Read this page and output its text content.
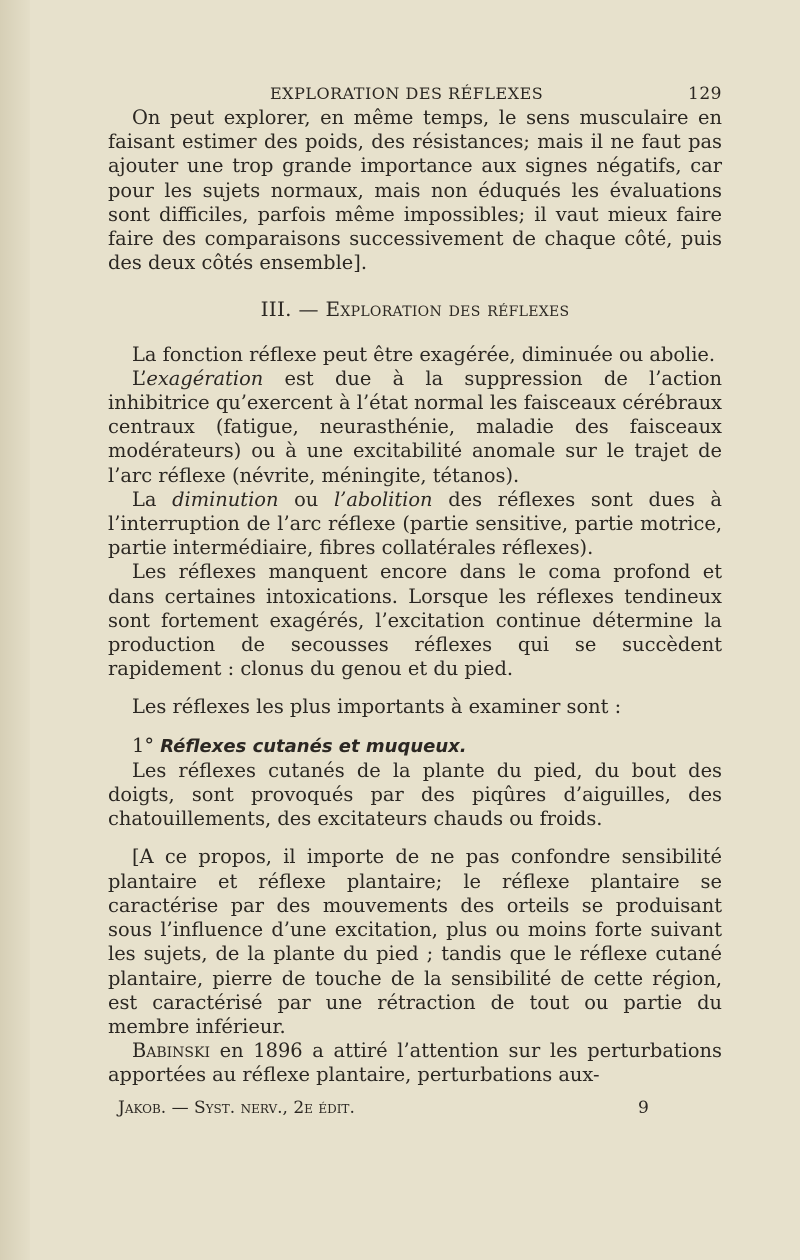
EXPLORATION DES RÉFLEXES	129

On peut explorer, en même temps, le sens musculaire en faisant estimer des poids, des résistances; mais il ne faut pas ajouter une trop grande importance aux signes négatifs, car pour les sujets normaux, mais non éduqués les évaluations sont difficiles, parfois même impossibles; il vaut mieux faire faire des comparaisons successivement de chaque côté, puis des deux côtés ensemble].

III. — Exploration des réflexes

La fonction réflexe peut être exagérée, diminuée ou abolie.

L’exagération est due à la suppression de l’action inhibitrice qu’exercent à l’état normal les faisceaux cérébraux centraux (fatigue, neurasthénie, maladie des faisceaux modérateurs) ou à une excitabilité anomale sur le trajet de l’arc réflexe (névrite, méningite, tétanos).

La diminution ou l’abolition des réflexes sont dues à l’interruption de l’arc réflexe (partie sensitive, partie motrice, partie intermédiaire, fibres collatérales réflexes).

Les réflexes manquent encore dans le coma profond et dans certaines intoxications. Lorsque les réflexes tendineux sont fortement exagérés, l’excitation continue détermine la production de secousses réflexes qui se succèdent rapidement : clonus du genou et du pied.

Les réflexes les plus importants à examiner sont :

1° Réflexes cutanés et muqueux.

Les réflexes cutanés de la plante du pied, du bout des doigts, sont provoqués par des piqûres d’aiguilles, des chatouillements, des excitateurs chauds ou froids.

[A ce propos, il importe de ne pas confondre sensibilité plantaire et réflexe plantaire; le réflexe plantaire se caractérise par des mouvements des orteils se produisant sous l’influence d’une excitation, plus ou moins forte suivant les sujets, de la plante du pied ; tandis que le réflexe cutané plantaire, pierre de touche de la sensibilité de cette région, est caractérisé par une rétraction de tout ou partie du membre inférieur.

Babinski en 1896 a attiré l’attention sur les perturbations apportées au réflexe plantaire, perturbations aux-

Jakob. — Syst. nerv., 2e édit.	9
